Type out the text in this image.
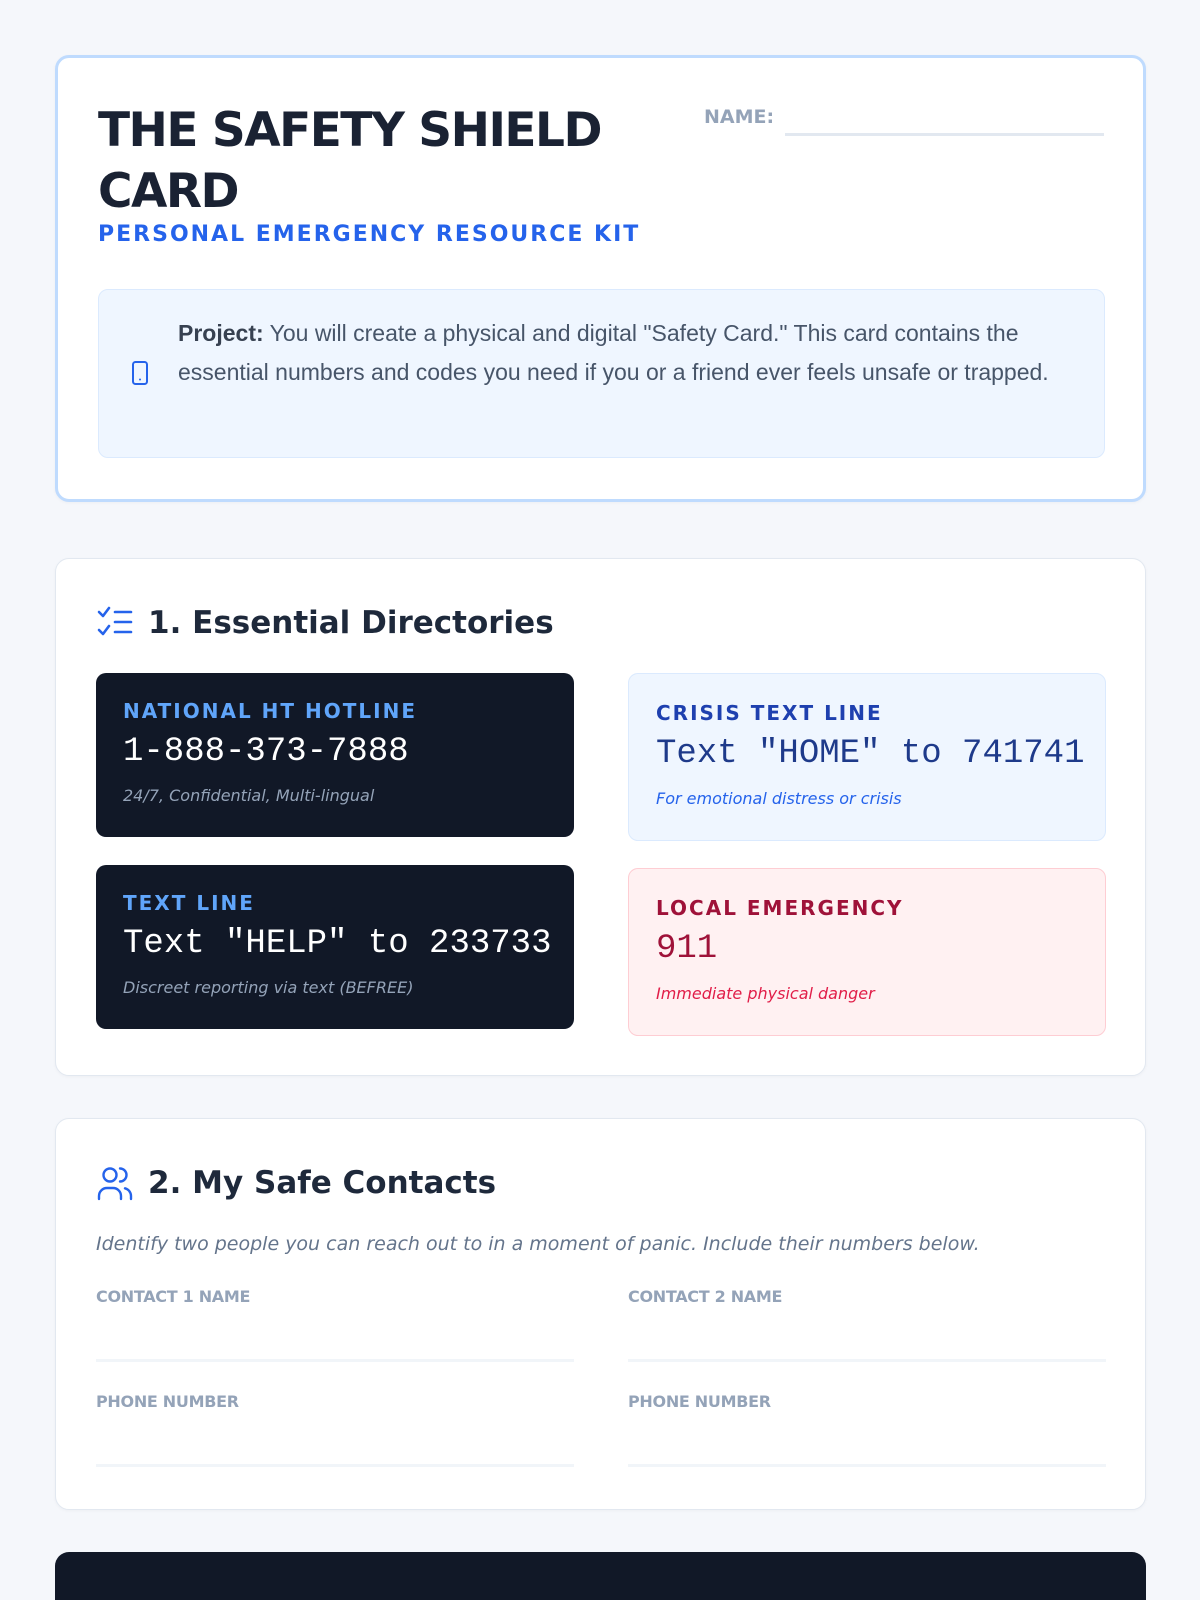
THE SAFETY SHIELD CARD
PERSONAL EMERGENCY RESOURCE KIT
NAME:

Project: You will create a physical and digital "Safety Card." This card contains the essential numbers and codes you need if you or a friend ever feels unsafe or trapped.

1. Essential Directories
NATIONAL HT HOTLINE
1-888-373-7888
24/7, Confidential, Multi-lingual
CRISIS TEXT LINE
Text "HOME" to 741741
For emotional distress or crisis
TEXT LINE
Text "HELP" to 233733
Discreet reporting via text (BEFREE)
LOCAL EMERGENCY
911
Immediate physical danger
2. My Safe Contacts

Identify two people you can reach out to in a moment of panic. Include their numbers below.

CONTACT 1 NAME	CONTACT 2 NAME
PHONE NUMBER	PHONE NUMBER
